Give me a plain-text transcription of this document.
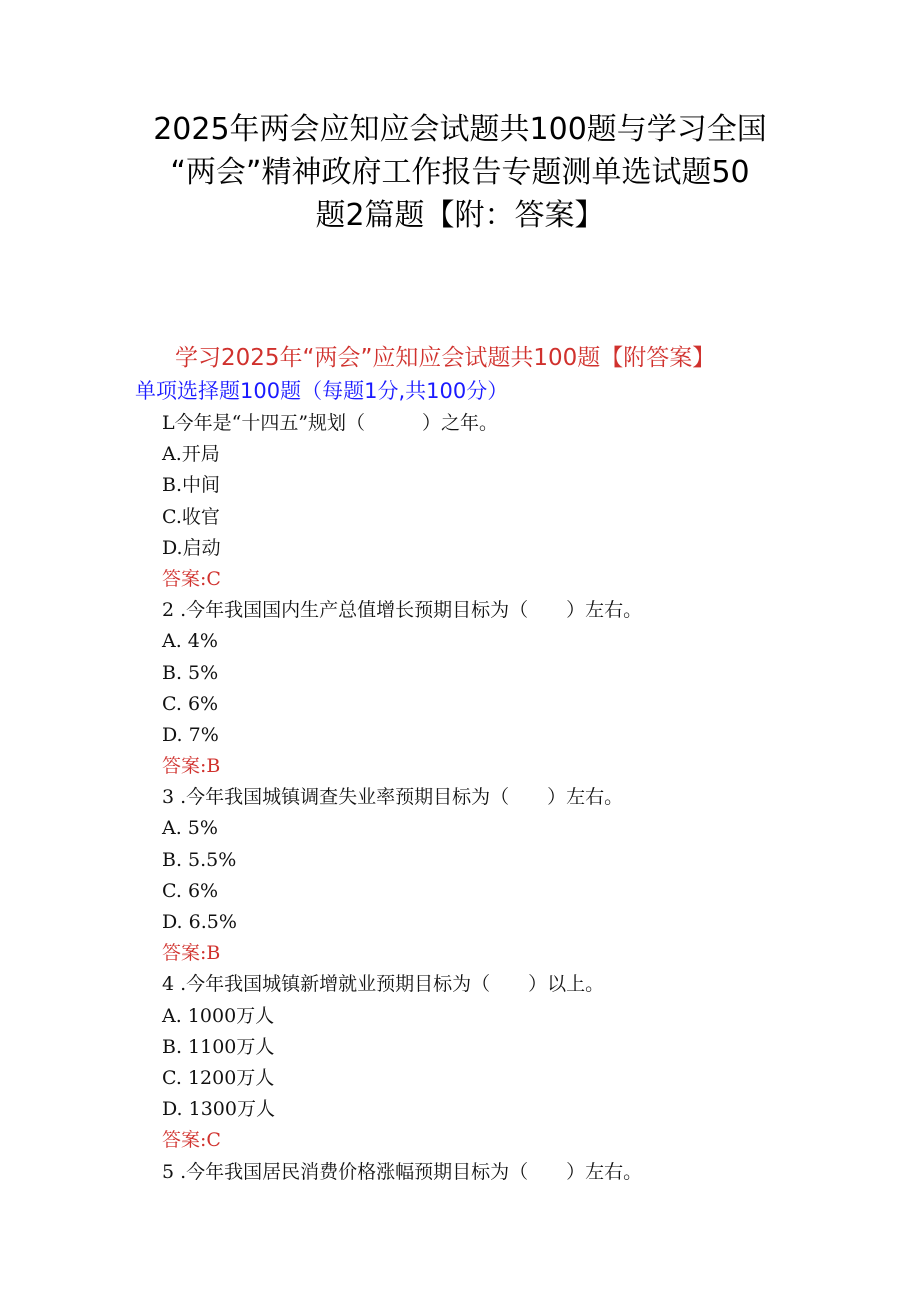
2025年两会应知应会试题共100题与学习全国
“两会”精神政府工作报告专题测单选试题50
题2篇题【附：答案】
学习2025年“两会”应知应会试题共100题【附答案】
单项选择题100题（每题1分,共100分）
L今年是“十四五”规划（　　　）之年。
A.开局
B.中间
C.收官
D.启动
答案:C
2 .今年我国国内生产总值增长预期目标为（　　）左右。
A. 4%
B. 5%
C. 6%
D. 7%
答案:B
3 .今年我国城镇调查失业率预期目标为（　　）左右。
A. 5%
B. 5.5%
C. 6%
D. 6.5%
答案:B
4 .今年我国城镇新增就业预期目标为（　　）以上。
A. 1000万人
B. 1100万人
C. 1200万人
D. 1300万人
答案:C
5 .今年我国居民消费价格涨幅预期目标为（　　）左右。
